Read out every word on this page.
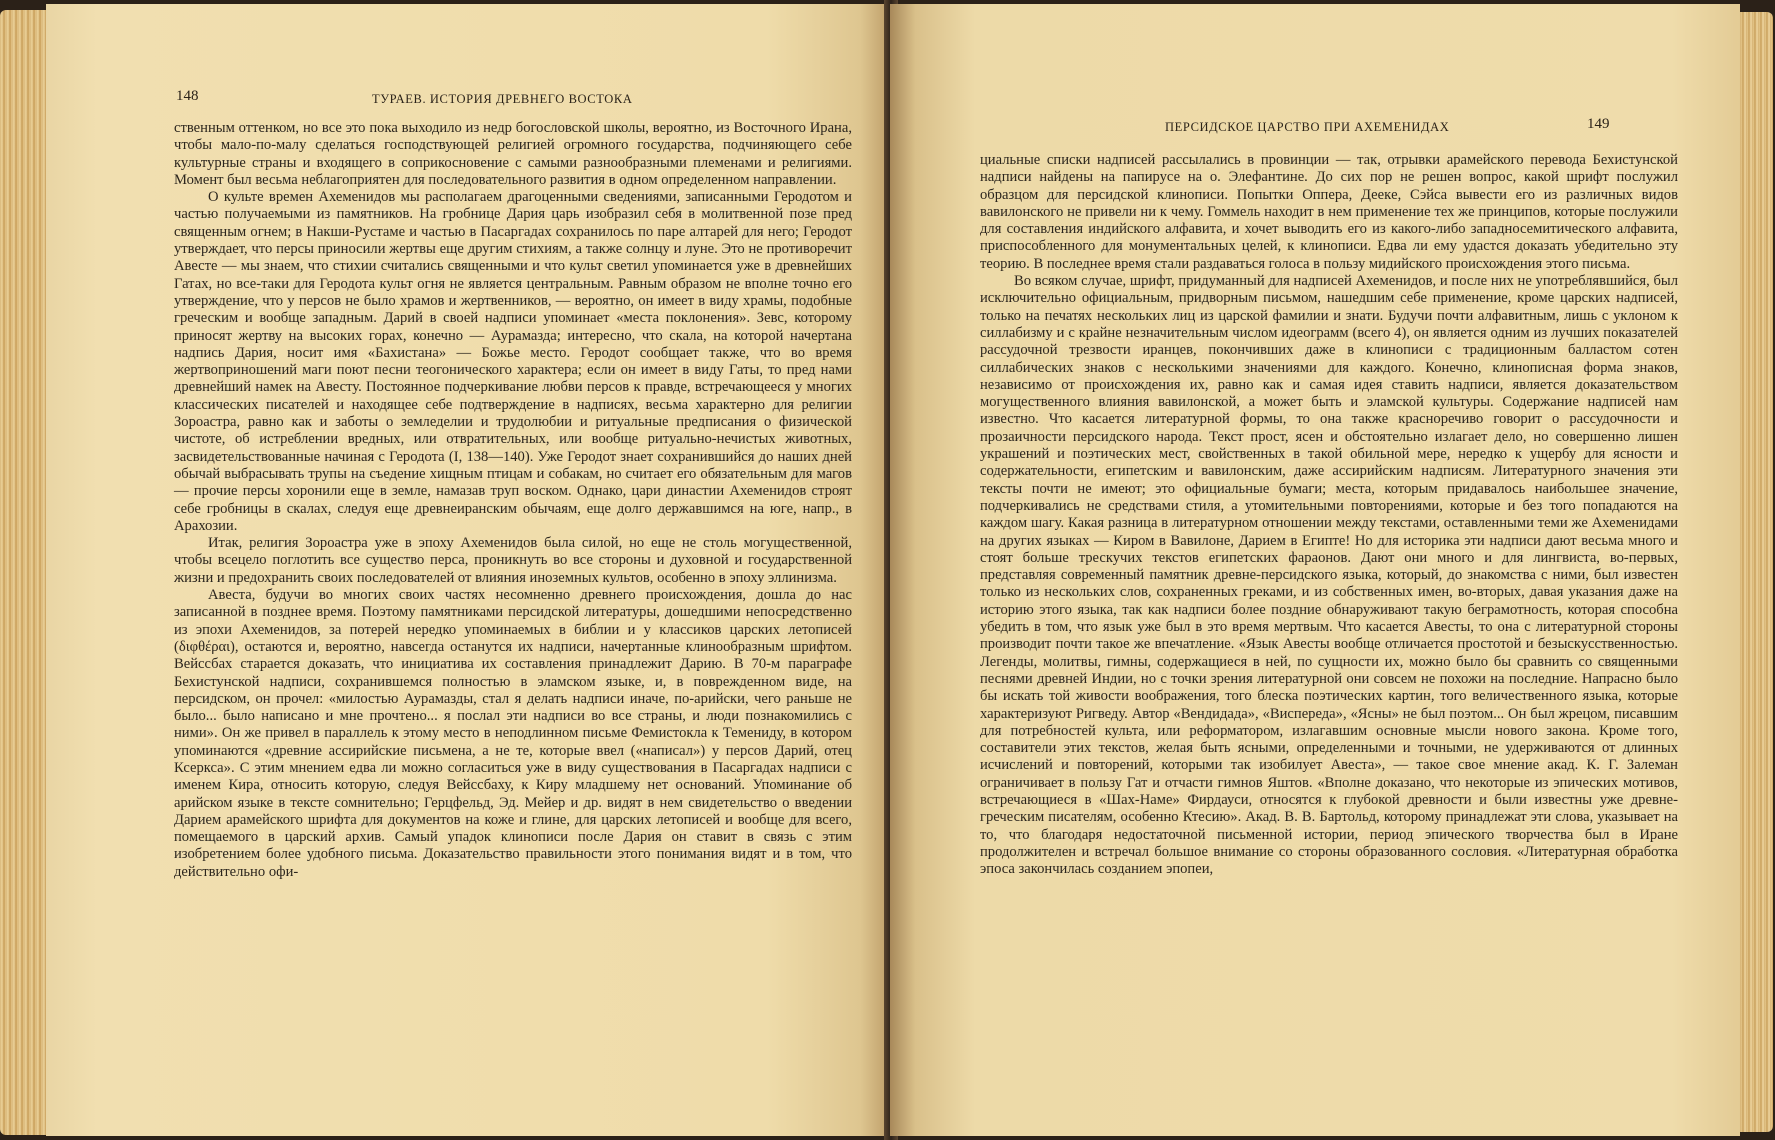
148	ТУРАЕВ. ИСТОРИЯ ДРЕВНЕГО ВОСТОКА

ственным оттенком, но все это пока выходило из недр богословской школы, вероятно, из Восточного Ирана, чтобы мало-по-малу сделаться господствующей религией огромного государства, подчиняющего себе культурные страны и входящего в соприкосновение с самыми разнообразными племенами и религиями. Момент был весьма неблагоприятен для последовательного развития в одном определенном направлении.

О культе времен Ахеменидов мы располагаем драгоценными сведениями, записанными Геродотом и частью получаемыми из памятников. На гробнице Дария царь изобразил себя в молитвенной позе пред священным огнем; в Накши-Рустаме и частью в Пасаргадах сохранилось по паре алтарей для него; Геродот утверждает, что персы приносили жертвы еще другим стихиям, а также солнцу и луне. Это не противоречит Авесте — мы знаем, что стихии считались священными и что культ светил упоминается уже в древнейших Гатах, но все-таки для Геродота культ огня не является центральным. Равным образом не вполне точно его утверждение, что у персов не было храмов и жертвенников, — вероятно, он имеет в виду храмы, подобные греческим и вообще западным. Дарий в своей надписи упоминает «места поклонения». Зевс, которому приносят жертву на высоких горах, конечно — Аурамазда; интересно, что скала, на которой начертана надпись Дария, носит имя «Бахистана» — Божье место. Геродот сообщает также, что во время жертвоприношений маги поют песни теогонического характера; если он имеет в виду Гаты, то пред нами древнейший намек на Авесту. Постоянное подчеркивание любви персов к правде, встречающееся у многих классических писателей и находящее себе подтверждение в надписях, весьма характерно для религии Зороастра, равно как и заботы о земледелии и трудолюбии и ритуальные предписания о физической чистоте, об истреблении вредных, или отвратительных, или вообще ритуально-нечистых животных, засвидетельствованные начиная с Геродота (I, 138—140). Уже Геродот знает сохранившийся до наших дней обычай выбрасывать трупы на съедение хищным птицам и собакам, но считает его обязательным для магов — прочие персы хоронили еще в земле, намазав труп воском. Однако, цари династии Ахеменидов строят себе гробницы в скалах, следуя еще древнеиранским обычаям, еще долго державшимся на юге, напр., в Арахозии.

Итак, религия Зороастра уже в эпоху Ахеменидов была силой, но еще не столь могущественной, чтобы всецело поглотить все существо перса, проникнуть во все стороны и духовной и государственной жизни и предохранить своих последователей от влияния иноземных культов, особенно в эпоху эллинизма.

Авеста, будучи во многих своих частях несомненно древнего происхождения, дошла до нас записанной в позднее время. Поэтому памятниками персидской литературы, дошедшими непосредственно из эпохи Ахеменидов, за потерей нередко упоминаемых в библии и у классиков царских летописей (διφθέραι), остаются и, вероятно, навсегда останутся их надписи, начертанные клинообразным шрифтом. Вейссбах старается доказать, что инициатива их составления принадлежит Дарию. В 70-м параграфе Бехистунской надписи, сохранившемся полностью в эламском языке, и, в поврежденном виде, на персидском, он прочел: «милостью Аурамазды, стал я делать надписи иначе, по-арийски, чего раньше не было... было написано и мне прочтено... я послал эти надписи во все страны, и люди познакомились с ними». Он же привел в параллель к этому место в неподлинном письме Фемистокла к Темениду, в котором упоминаются «древние ассирийские письмена, а не те, которые ввел («написал») у персов Дарий, отец Ксеркса». С этим мнением едва ли можно согласиться уже в виду существования в Пасаргадах надписи с именем Кира, относить которую, следуя Вейссбаху, к Киру младшему нет оснований. Упоминание об арийском языке в тексте сомнительно; Герцфельд, Эд. Мейер и др. видят в нем свидетельство о введении Дарием арамейского шрифта для документов на коже и глине, для царских летописей и вообще для всего, помещаемого в царский архив. Самый упадок клинописи после Дария он ставит в связь с этим изобретением более удобного письма. Доказательство правильности этого понимания видят и в том, что действительно офи-

ПЕРСИДСКОЕ ЦАРСТВО ПРИ АХЕМЕНИДАХ	149

циальные списки надписей рассылались в провинции — так, отрывки арамейского перевода Бехистунской надписи найдены на папирусе на о. Элефантине. До сих пор не решен вопрос, какой шрифт послужил образцом для персидской клинописи. Попытки Оппера, Деекe, Сэйса вывести его из различных видов вавилонского не привели ни к чему. Гоммель находит в нем применение тех же принципов, которые послужили для составления индийского алфавита, и хочет выводить его из какого-либо западносемитического алфавита, приспособленного для монументальных целей, к клинописи. Едва ли ему удастся доказать убедительно эту теорию. В последнее время стали раздаваться голоса в пользу мидийского происхождения этого письма.

Во всяком случае, шрифт, придуманный для надписей Ахеменидов, и после них не употреблявшийся, был исключительно официальным, придворным письмом, нашедшим себе применение, кроме царских надписей, только на печатях нескольких лиц из царской фамилии и знати. Будучи почти алфавитным, лишь с уклоном к силлабизму и с крайне незначительным числом идеограмм (всего 4), он является одним из лучших показателей рассудочной трезвости иранцев, покончивших даже в клинописи с традиционным балластом сотен силлабических знаков с несколькими значениями для каждого. Конечно, клинописная форма знаков, независимо от происхождения их, равно как и самая идея ставить надписи, является доказательством могущественного влияния вавилонской, а может быть и эламской культуры. Содержание надписей нам известно. Что касается литературной формы, то она также красноречиво говорит о рассудочности и прозаичности персидского народа. Текст прост, ясен и обстоятельно излагает дело, но совершенно лишен украшений и поэтических мест, свойственных в такой обильной мере, нередко к ущербу для ясности и содержательности, египетским и вавилонским, даже ассирийским надписям. Литературного значения эти тексты почти не имеют; это официальные бумаги; места, которым придавалось наибольшее значение, подчеркивались не средствами стиля, а утомительными повторениями, которые и без того попадаются на каждом шагу. Какая разница в литературном отношении между текстами, оставленными теми же Ахеменидами на других языках — Киром в Вавилоне, Дарием в Египте! Но для историка эти надписи дают весьма много и стоят больше трескучих текстов египетских фараонов. Дают они много и для лингвиста, во-первых, представляя современный памятник древне-персидского языка, который, до знакомства с ними, был известен только из нескольких слов, сохраненных греками, и из собственных имен, во-вторых, давая указания даже на историю этого языка, так как надписи более поздние обнаруживают такую беграмотность, которая способна убедить в том, что язык уже был в это время мертвым. Что касается Авесты, то она с литературной стороны производит почти такое же впечатление. «Язык Авесты вообще отличается простотой и безыскусственностью. Легенды, молитвы, гимны, содержащиеся в ней, по сущности их, можно было бы сравнить со священными песнями древней Индии, но с точки зрения литературной они совсем не похожи на последние. Напрасно было бы искать той живости воображения, того блеска поэтических картин, того величественного языка, которые характеризуют Ригведу. Автор «Вендидада», «Виспереда», «Ясны» не был поэтом... Он был жрецом, писавшим для потребностей культа, или реформатором, излагавшим основные мысли нового закона. Кроме того, составители этих текстов, желая быть ясными, определенными и точными, не удерживаются от длинных исчислений и повторений, которыми так изобилует Авеста», — такое свое мнение акад. К. Г. Залеман ограничивает в пользу Гат и отчасти гимнов Яштов. «Вполне доказано, что некоторые из эпических мотивов, встречающиеся в «Шах-Наме» Фирдауси, относятся к глубокой древности и были известны уже древне-греческим писателям, особенно Ктесию». Акад. В. В. Бартольд, которому принадлежат эти слова, указывает на то, что благодаря недостаточной письменной истории, период эпического творчества был в Иране продолжителен и встречал большое внимание со стороны образованного сословия. «Литературная обработка эпоса закончилась созданием эпопеи,
